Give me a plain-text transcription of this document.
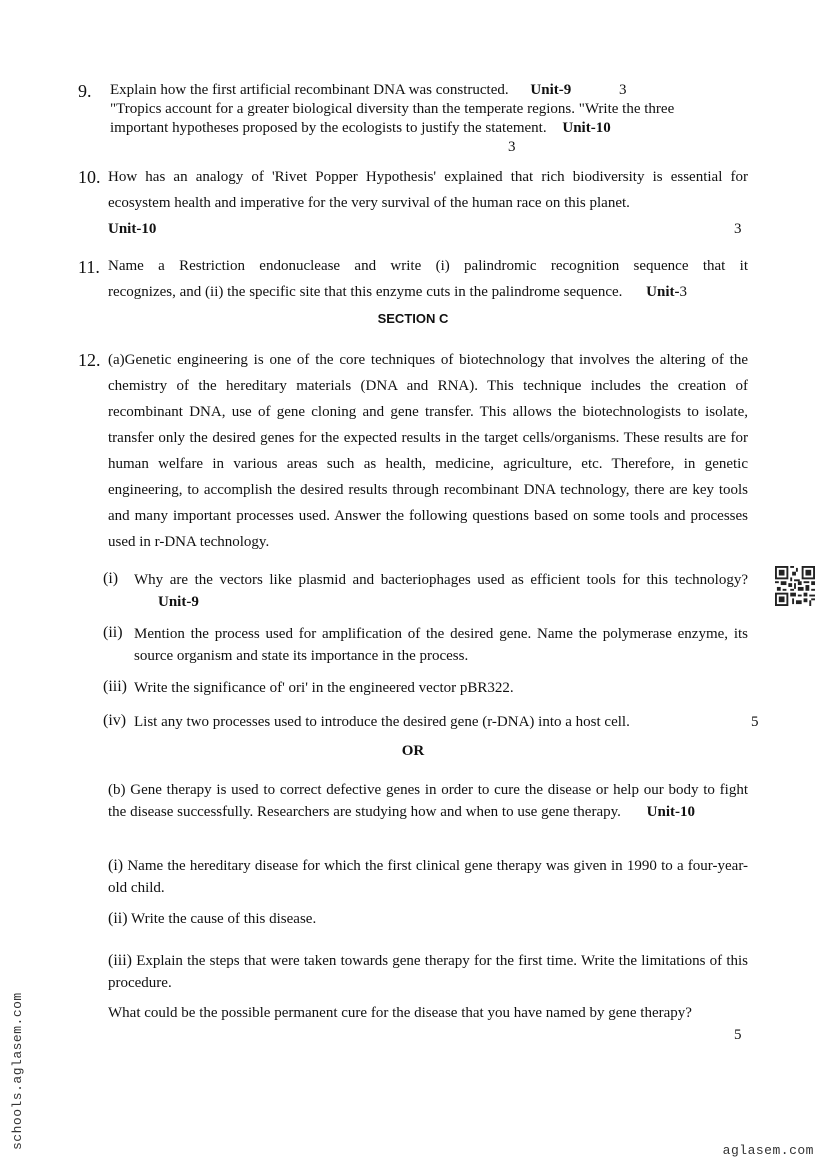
9. Explain how the first artificial recombinant DNA was constructed. Unit-9	3
"Tropics account for a greater biological diversity than the temperate regions. "Write the three
important hypotheses proposed by the ecologists to justify the statement. Unit-10
3
10. How has an analogy of 'Rivet Popper Hypothesis' explained that rich biodiversity is essential for ecosystem health and imperative for the very survival of the human race on this planet.
Unit-10	3
11. Name a Restriction endonuclease and write (i) palindromic recognition sequence that it
recognizes, and (ii) the specific site that this enzyme cuts in the palindrome sequence. Unit-3
SECTION C
12. (a)Genetic engineering is one of the core techniques of biotechnology that involves the altering of the chemistry of the hereditary materials (DNA and RNA). This technique includes the creation of recombinant DNA, use of gene cloning and gene transfer. This allows the biotechnologists to isolate, transfer only the desired genes for the expected results in the target cells/organisms. These results are for human welfare in various areas such as health, medicine, agriculture, etc. Therefore, in genetic engineering, to accomplish the desired results through recombinant DNA technology, there are key tools and many important processes used. Answer the following questions based on some tools and processes used in r-DNA technology.
(i) Why are the vectors like plasmid and bacteriophages used as efficient tools for this technology? Unit-9
(ii) Mention the process used for amplification of the desired gene. Name the polymerase enzyme, its source organism and state its importance in the process.
(iii) Write the significance of' ori' in the engineered vector pBR322.
(iv) List any two processes used to introduce the desired gene (r-DNA) into a host cell.	5
OR
(b) Gene therapy is used to correct defective genes in order to cure the disease or help our body to fight the disease successfully. Researchers are studying how and when to use gene therapy. Unit-10
(i) Name the hereditary disease for which the first clinical gene therapy was given in 1990 to a four-year-old child.
(ii) Write the cause of this disease.
(iii) Explain the steps that were taken towards gene therapy for the first time. Write the limitations of this procedure.
What could be the possible permanent cure for the disease that you have named by gene therapy?
5
schools.aglasem.com
aglasem.com
